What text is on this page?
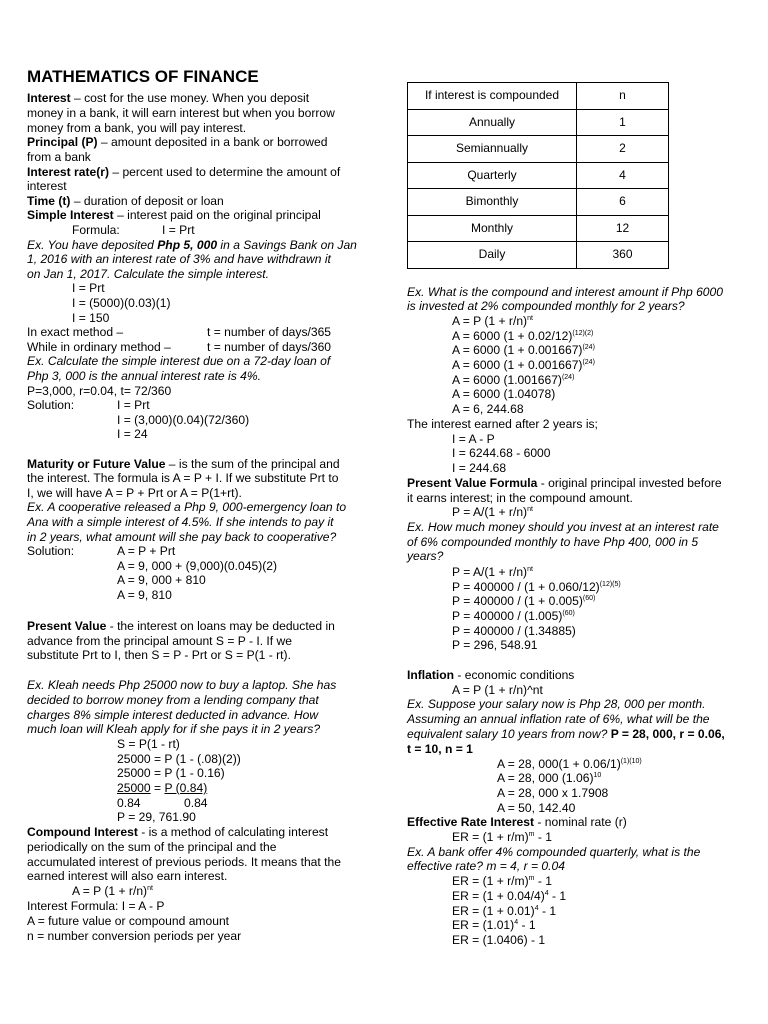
MATHEMATICS OF FINANCE
Interest – cost for the use money. When you deposit
money in a bank, it will earn interest but when you borrow
money from a bank, you will pay interest.
Principal (P) – amount deposited in a bank or borrowed
from a bank
Interest rate(r) – percent used to determine the amount of
interest
Time (t) – duration of deposit or loan
Simple Interest – interest paid on the original principal
Formula:	I = Prt
Ex. You have deposited Php 5, 000 in a Savings Bank on Jan
1, 2016 with an interest rate of 3% and have withdrawn it
on Jan 1, 2017. Calculate the simple interest.
I = Prt
I = (5000)(0.03)(1)
I = 150
In exact method –	t = number of days/365
While in ordinary method –	t = number of days/360
Ex. Calculate the simple interest due on a 72-day loan of
Php 3, 000 is the annual interest rate is 4%.
P=3,000, r=0.04, t= 72/360
Solution:	I = Prt
I = (3,000)(0.04)(72/360)
I = 24
Maturity or Future Value – is the sum of the principal and
the interest. The formula is A = P + I. If we substitute Prt to
I, we will have A = P + Prt or A = P(1+rt).
Ex. A cooperative released a Php 9, 000-emergency loan to
Ana with a simple interest of 4.5%. If she intends to pay it
in 2 years, what amount will she pay back to cooperative?
Solution:	A = P + Prt
A = 9, 000 + (9,000)(0.045)(2)
A = 9, 000 + 810
A = 9, 810
Present Value - the interest on loans may be deducted in
advance from the principal amount S = P - I. If we
substitute Prt to I, then S = P - Prt or S = P(1 - rt).
Ex. Kleah needs Php 25000 now to buy a laptop. She has
decided to borrow money from a lending company that
charges 8% simple interest deducted in advance. How
much loan will Kleah apply for if she pays it in 2 years?
S = P(1 - rt)
25000 = P (1 - (.08)(2))
25000 = P (1 - 0.16)
25000 = P (0.84)
0.84	0.84
P = 29, 761.90
Compound Interest - is a method of calculating interest
periodically on the sum of the principal and the
accumulated interest of previous periods. It means that the
earned interest will also earn interest.
A = P $(1 + r/n)^{nt}$
Interest Formula: I = A - P
A = future value or compound amount
n = number conversion periods per year
If interest is compounded	n
Annually	1
Semiannually	2
Quarterly	4
Bimonthly	6
Monthly	12
Daily	360
Ex. What is the compound and interest amount if Php 6000
is invested at 2% compounded monthly for 2 years?
A = P $(1 + r/n)^{nt}$
A = 6000 $(1 + 0.02/12)^{(12)(2)}$
A = 6000 $(1 + 0.001667)^{(24)}$
A = 6000 $(1 + 0.001667)^{(24)}$
A = 6000 $(1.001667)^{(24)}$
A = 6000 (1.04078)
A = 6, 244.68
The interest earned after 2 years is;
I = A - P
I = 6244.68 - 6000
I = 244.68
Present Value Formula - original principal invested before
it earns interest; in the compound amount.
$P = A/(1 + r/n)^{nt}$
Ex. How much money should you invest at an interest rate
of 6% compounded monthly to have Php 400, 000 in 5
years?
$P = A/(1 + r/n)^{nt}$
$P = 400000 / (1 + 0.060/12)^{(12)(5)}$
$P = 400000 / (1 + 0.005)^{(60)}$
$P = 400000 / (1.005)^{(60)}$
P = 400000 / (1.34885)
P = 296, 548.91
Inflation - economic conditions
A = P (1 + r/n)^nt
Ex. Suppose your salary now is Php 28, 000 per month.
Assuming an annual inflation rate of 6%, what will be the
equivalent salary 10 years from now? P = 28, 000, r = 0.06,
t = 10, n = 1
A = 28, $000(1 + 0.06/1)^{(1)(10)}$
A = 28, 000 $(1.06)^{10}$
A = 28, 000 x 1.7908
A = 50, 142.40
Effective Rate Interest - nominal rate (r)
ER = $(1 + r/m)^m - 1$
Ex. A bank offer 4% compounded quarterly, what is the
effective rate? m = 4, r = 0.04
ER = $(1 + r/m)^m - 1$
ER = $(1 + 0.04/4)^4 - 1$
ER = $(1 + 0.01)^4 - 1$
ER = $(1.01)^4 - 1$
ER = (1.0406) - 1
